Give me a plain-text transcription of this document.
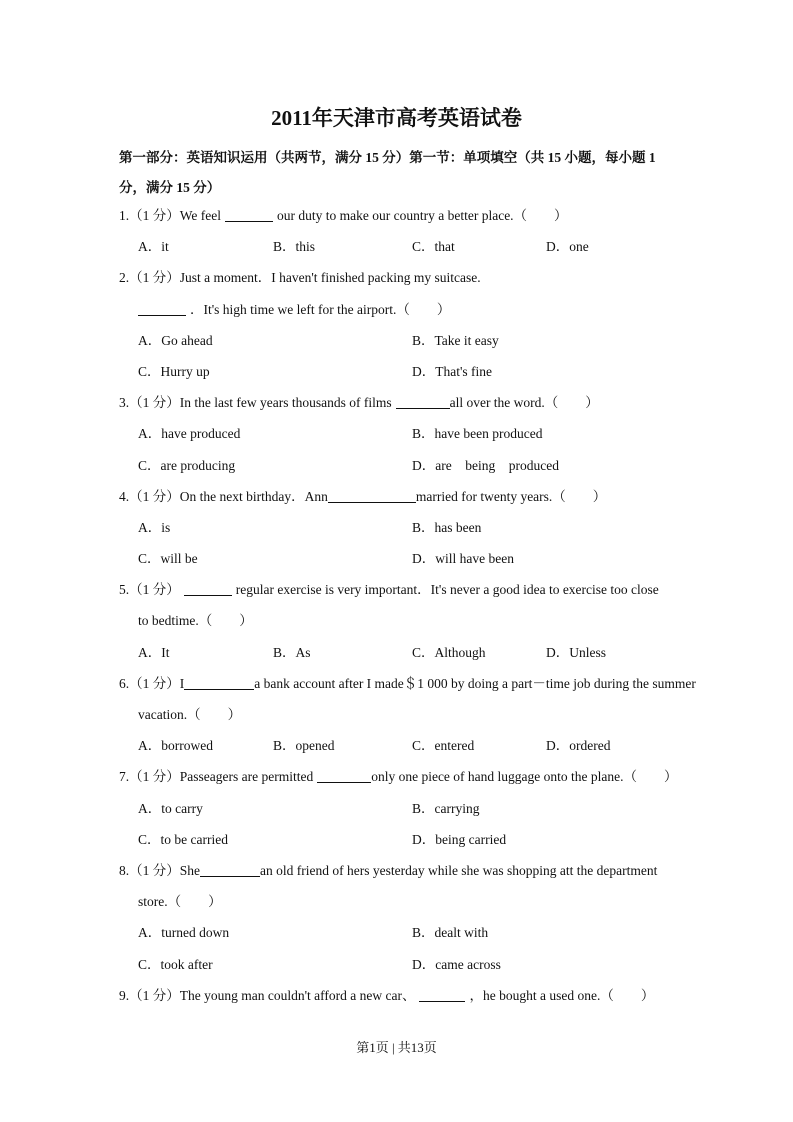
2011年天津市高考英语试卷
第一部分：英语知识运用（共两节，满分 15 分）第一节：单项填空（共 15 小题，每小题 1 分，满分 15 分）
1.（1 分）We feel	our duty to make our country a better place.（　　）
A．it	B．this	C．that	D．one
2.（1 分）Just a moment．I haven't finished packing my suitcase.
．It's high time we left for the airport.（　　）
A．Go ahead	B．Take it easy
C．Hurry up	D．That's fine
3.（1 分）In the last few years thousands of films	all over the word.（　　）
A．have produced	B．have been produced
C．are producing	D．are　being　produced
4.（1 分）On the next birthday．Ann	married for twenty years.（　　）
A．is	B．has been
C．will be	D．will have been
5.（1 分）	regular exercise is very important．It's never a good idea to exercise too close
to bedtime.（　　）
A．It	B．As	C．Although	D．Unless
6.（1 分）I	a bank account after I made＄1 000 by doing a part－time job during the summer
vacation.（　　）
A．borrowed	B．opened	C．entered	D．ordered
7.（1 分）Passeagers are permitted	only one piece of hand luggage onto the plane.（　　）
A．to carry	B．carrying
C．to be carried	D．being carried
8.（1 分）She	an old friend of hers yesterday while she was shopping att the department
store.（　　）
A．turned down	B．dealt with
C．took after	D．came across
9.（1 分）The young man couldn't afford a new car、	，he bought a used one.（　　）
第1页 | 共13页
